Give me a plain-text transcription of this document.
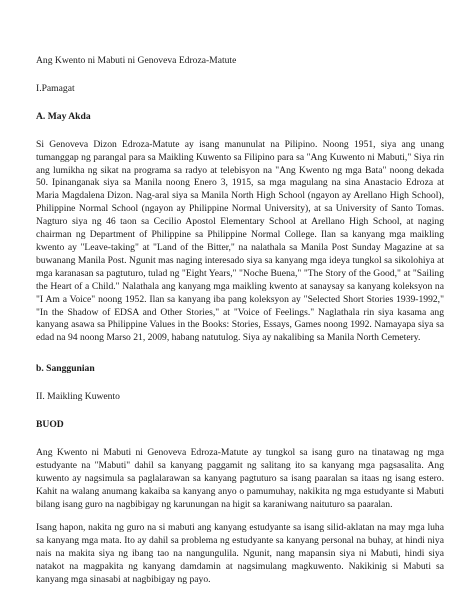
Ang Kwento ni Mabuti ni Genoveva Edroza-Matute

I.Pamagat

A. May Akda

Si Genoveva Dizon Edroza-Matute ay isang manunulat na Pilipino. Noong 1951, siya ang unang tumanggap ng parangal para sa Maikling Kuwento sa Filipino para sa "Ang Kuwento ni Mabuti," Siya rin ang lumikha ng sikat na programa sa radyo at telebisyon na "Ang Kwento ng mga Bata" noong dekada 50. Ipinanganak siya sa Manila noong Enero 3, 1915, sa mga magulang na sina Anastacio Edroza at Maria Magdalena Dizon. Nag-aral siya sa Manila North High School (ngayon ay Arellano High School), Philippine Normal School (ngayon ay Philippine Normal University), at sa University of Santo Tomas. Nagturo siya ng 46 taon sa Cecilio Apostol Elementary School at Arellano High School, at naging chairman ng Department of Philippine sa Philippine Normal College. Ilan sa kanyang mga maikling kwento ay "Leave-taking" at "Land of the Bitter," na nalathala sa Manila Post Sunday Magazine at sa buwanang Manila Post. Ngunit mas naging interesado siya sa kanyang mga ideya tungkol sa sikolohiya at mga karanasan sa pagtuturo, tulad ng "Eight Years," "Noche Buena," "The Story of the Good," at "Sailing the Heart of a Child." Nalathala ang kanyang mga maikling kwento at sanaysay sa kanyang koleksyon na "I Am a Voice" noong 1952. Ilan sa kanyang iba pang koleksyon ay "Selected Short Stories 1939-1992," "In the Shadow of EDSA and Other Stories," at "Voice of Feelings." Naglathala rin siya kasama ang kanyang asawa sa Philippine Values in the Books: Stories, Essays, Games noong 1992. Namayapa siya sa edad na 94 noong Marso 21, 2009, habang natutulog. Siya ay nakalibing sa Manila North Cemetery.

b. Sanggunian

II. Maikling Kuwento

BUOD

Ang Kwento ni Mabuti ni Genoveva Edroza-Matute ay tungkol sa isang guro na tinatawag ng mga estudyante na "Mabuti" dahil sa kanyang paggamit ng salitang ito sa kanyang mga pagsasalita. Ang kuwento ay nagsimula sa paglalarawan sa kanyang pagtuturo sa isang paaralan sa itaas ng isang estero. Kahit na walang anumang kakaiba sa kanyang anyo o pamumuhay, nakikita ng mga estudyante si Mabuti bilang isang guro na nagbibigay ng karunungan na higit sa karaniwang naituturo sa paaralan.

Isang hapon, nakita ng guro na si mabuti ang kanyang estudyante sa isang silid-aklatan na may mga luha sa kanyang mga mata. Ito ay dahil sa problema ng estudyante sa kanyang personal na buhay, at hindi niya nais na makita siya ng ibang tao na nangungulila. Ngunit, nang mapansin siya ni Mabuti, hindi siya natakot na magpakita ng kanyang damdamin at nagsimulang magkuwento. Nakikinig si Mabuti sa kanyang mga sinasabi at nagbibigay ng payo.
